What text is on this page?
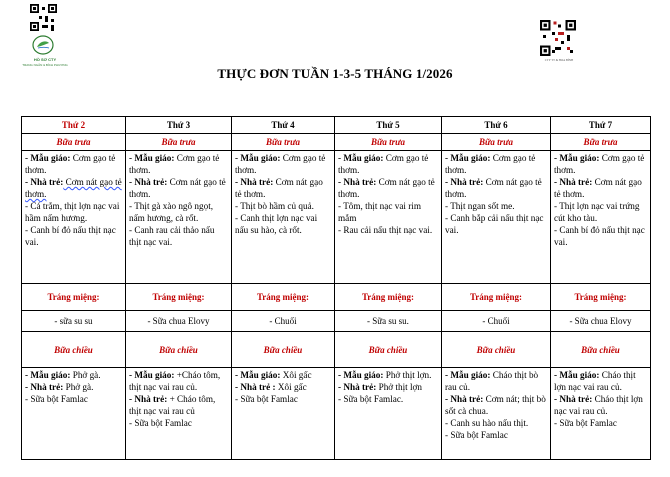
HỒ SƠ CTY
TRANG NGÂN & BÍCH PHƯƠNG
CTY TT & HOA BÌNH
THỰC ĐƠN TUẦN 1-3-5 THÁNG 1/2026
Thứ 2	Thứ 3	Thứ 4	Thứ 5	Thứ 6	Thứ 7
Bữa trưa	Bữa trưa	Bữa trưa	Bữa trưa	Bữa trưa	Bữa trưa

- Mẫu giáo: Cơm gạo tẻ thơm.
- Nhà trẻ: Cơm nát gạo tẻ thơm.
- Cá trắm, thịt lợn nạc vai hầm nấm hương.
- Canh bí đỏ nấu thịt nạc vai.	- Mẫu giáo: Cơm gạo tẻ thơm.
- Nhà trẻ: Cơm nát gạo tẻ thơm.
- Thịt gà xào ngô ngọt, nấm hương, cà rốt.
- Canh rau cải thảo nấu thịt nạc vai.	- Mẫu giáo: Cơm gạo tẻ thơm.
- Nhà trẻ: Cơm nát gạo tẻ thơm.
- Thịt bò hầm củ quả.
- Canh thịt lợn nạc vai nấu su hào, cà rốt.	- Mẫu giáo: Cơm gạo tẻ thơm.
- Nhà trẻ: Cơm nát gạo tẻ thơm.
- Tôm, thịt nạc vai rim mắm
- Rau cải nấu thịt nạc vai.	- Mẫu giáo: Cơm gạo tẻ thơm.
- Nhà trẻ: Cơm nát gạo tẻ thơm.
- Thịt ngan sốt me.
- Canh bắp cải nấu thịt nạc vai.	- Mẫu giáo: Cơm gạo tẻ thơm.
- Nhà trẻ: Cơm nát gạo tẻ thơm.
- Thịt lợn nạc vai trứng cút kho tàu.
- Canh bí đỏ nấu thịt nạc vai.

Tráng miệng:	Tráng miệng:	Tráng miệng:	Tráng miệng:	Tráng miệng:	Tráng miệng:
- sữa su su	- Sữa chua Elovy	- Chuối	- Sữa su su.	- Chuối	- Sữa chua Elovy
Bữa chiều	Bữa chiều	Bữa chiều	Bữa chiều	Bữa chiều	Bữa chiều

- Mẫu giáo: Phở gà.
- Nhà trẻ: Phở gà.
- Sữa bột Famlac	- Mẫu giáo: +Cháo tôm, thịt nạc vai rau củ.
- Nhà trẻ: + Cháo tôm, thịt nạc vai rau củ
- Sữa bột Famlac	- Mẫu giáo: Xôi gấc
- Nhà trẻ : Xôi gấc
- Sữa bột Famlac	- Mẫu giáo: Phở thịt lợn.
- Nhà trẻ: Phở thịt lợn
- Sữa bột Famlac.	- Mẫu giáo: Cháo thịt bò rau củ.
- Nhà trẻ: Cơm nát; thịt bò sốt cà chua.
- Canh su hào nấu thịt.
- Sữa bột Famlac	- Mẫu giáo: Cháo thịt lợn nạc vai rau củ.
- Nhà trẻ: Cháo thịt lợn nạc vai rau củ.
- Sữa bột Famlac
